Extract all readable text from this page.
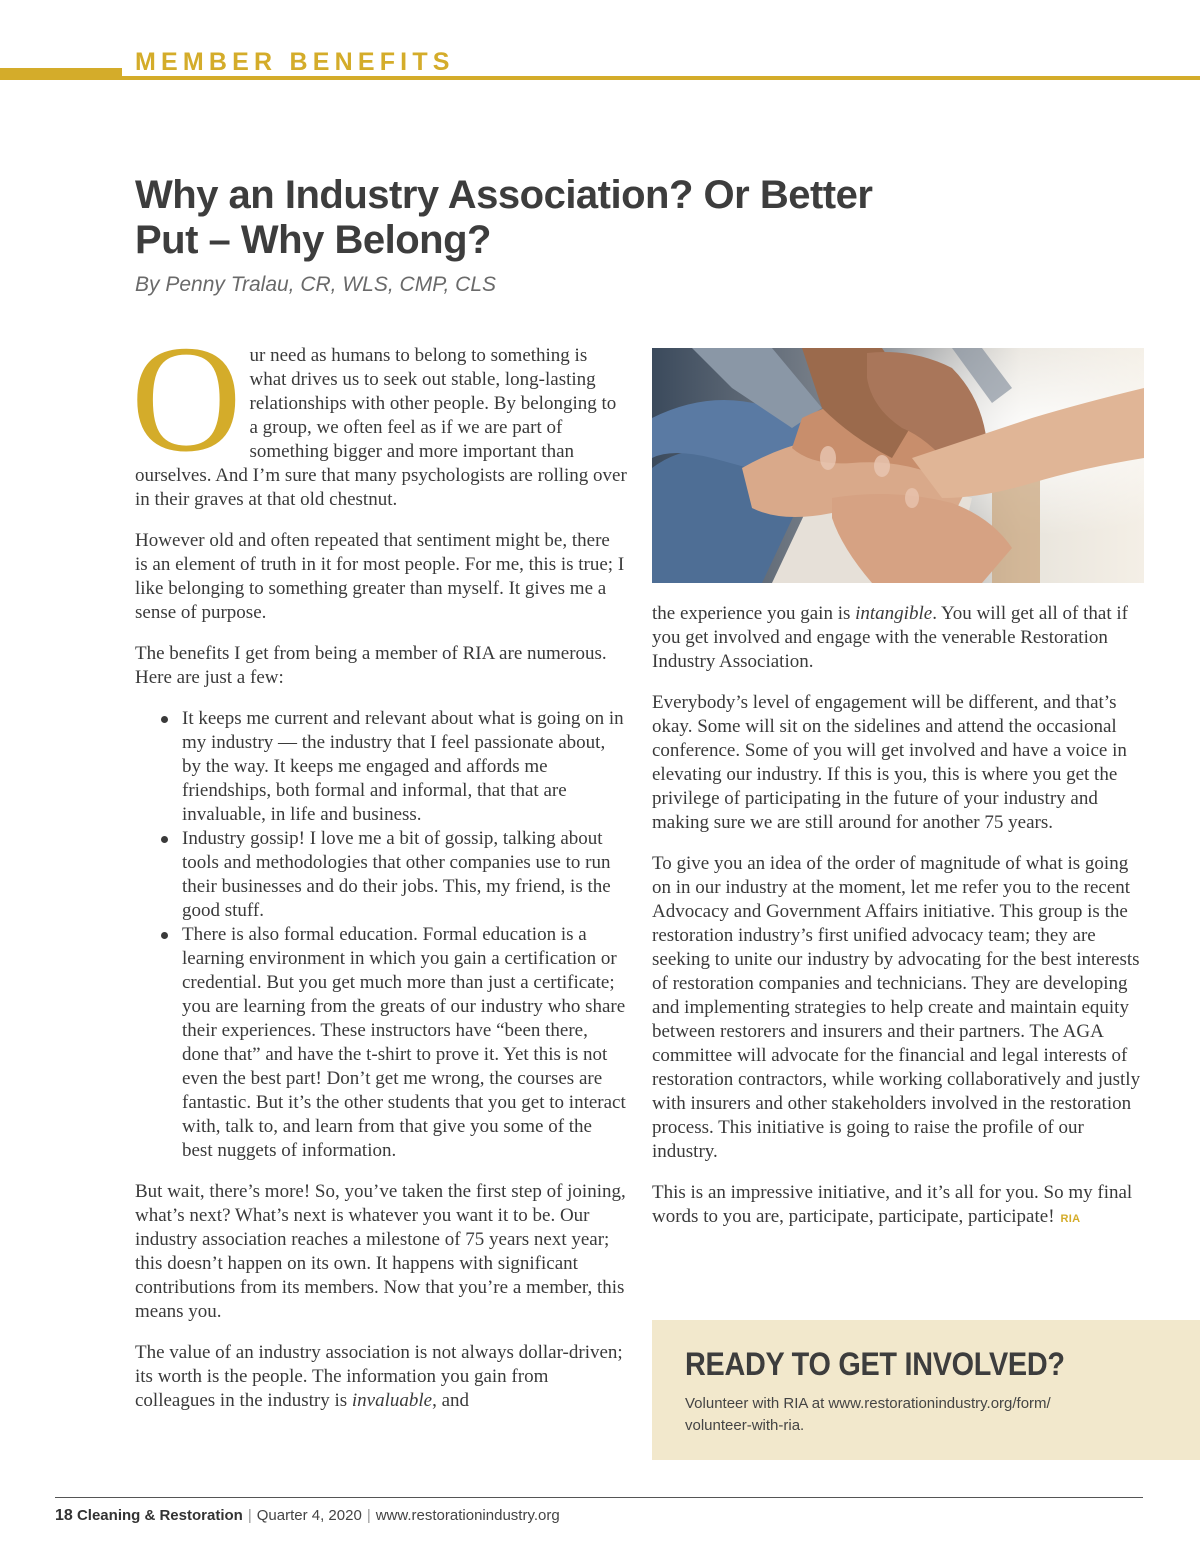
MEMBER BENEFITS
Why an Industry Association? Or Better
Put – Why Belong?
By Penny Tralau, CR, WLS, CMP, CLS

Our need as humans to belong to something is what drives us to seek out stable, long-lasting relationships with other people. By belonging to a group, we often feel as if we are part of something bigger and more important than ourselves. And I’m sure that many psychologists are rolling over in their graves at that old chestnut.

However old and often repeated that sentiment might be, there is an element of truth in it for most people. For me, this is true; I like belonging to something greater than myself. It gives me a sense of purpose.

The benefits I get from being a member of RIA are numerous. Here are just a few:

It keeps me current and relevant about what is going on in my industry — the industry that I feel passionate about, by the way. It keeps me engaged and affords me friendships, both formal and informal, that that are invaluable, in life and business.
Industry gossip! I love me a bit of gossip, talking about tools and methodologies that other companies use to run their businesses and do their jobs. This, my friend, is the good stuff.
There is also formal education. Formal education is a learning environment in which you gain a certification or credential. But you get much more than just a certificate; you are learning from the greats of our industry who share their experiences. These instructors have “been there, done that” and have the t-shirt to prove it. Yet this is not even the best part! Don’t get me wrong, the courses are fantastic. But it’s the other students that you get to interact with, talk to, and learn from that give you some of the best nuggets of information.

But wait, there’s more! So, you’ve taken the first step of joining, what’s next? What’s next is whatever you want it to be. Our industry association reaches a milestone of 75 years next year; this doesn’t happen on its own. It happens with significant contributions from its members. Now that you’re a member, this means you.

The value of an industry association is not always dollar-driven; its worth is the people. The information you gain from colleagues in the industry is invaluable, and

the experience you gain is intangible. You will get all of that if you get involved and engage with the venerable Restoration Industry Association.

Everybody’s level of engagement will be different, and that’s okay. Some will sit on the sidelines and attend the occasional conference. Some of you will get involved and have a voice in elevating our industry. If this is you, this is where you get the privilege of participating in the future of your industry and making sure we are still around for another 75 years.

To give you an idea of the order of magnitude of what is going on in our industry at the moment, let me refer you to the recent Advocacy and Government Affairs initiative. This group is the restoration industry’s first unified advocacy team; they are seeking to unite our industry by advocating for the best interests of restoration companies and technicians. They are developing and implementing strategies to help create and maintain equity between restorers and insurers and their partners. The AGA committee will advocate for the financial and legal interests of restoration contractors, while working collaboratively and justly with insurers and other stakeholders involved in the restoration process. This initiative is going to raise the profile of our industry.

This is an impressive initiative, and it’s all for you. So my final words to you are, participate, participate, participate! RIA

READY TO GET INVOLVED?
Volunteer with RIA at www.restorationindustry.org/form/
volunteer-with-ria.
18 Cleaning & Restoration | Quarter 4, 2020 | www.restorationindustry.org
